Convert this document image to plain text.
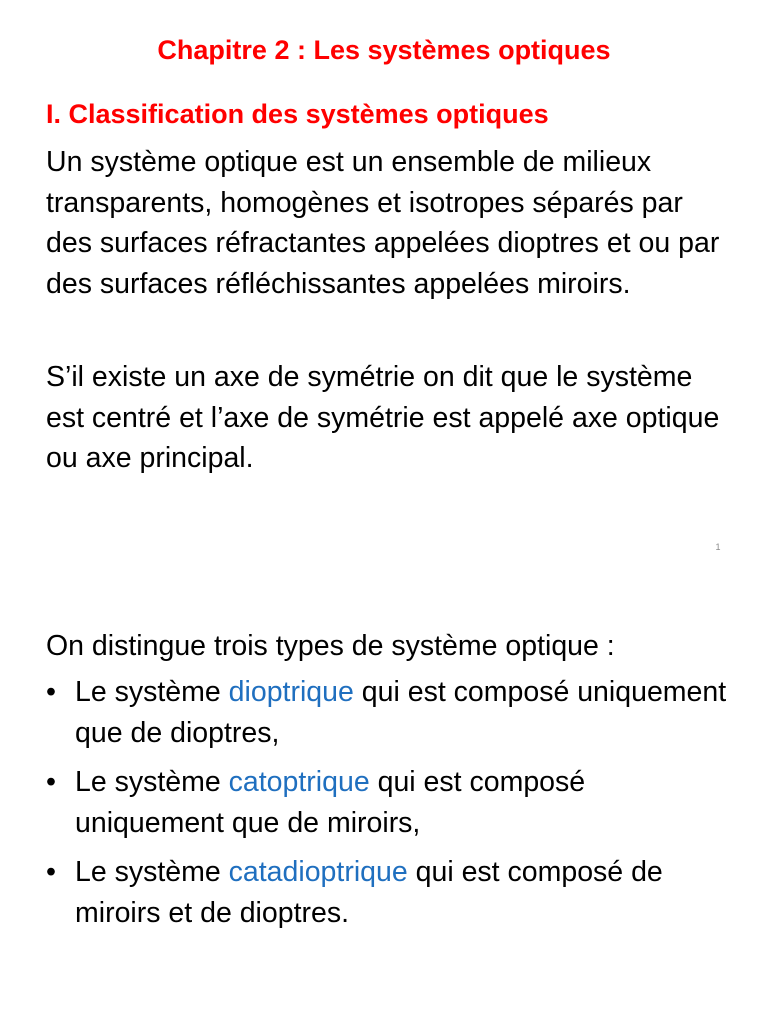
Chapitre 2 : Les systèmes optiques
I. Classification des systèmes optiques

Un système optique est un ensemble de milieux transparents, homogènes et isotropes séparés par des surfaces réfractantes appelées dioptres et ou par des surfaces réfléchissantes appelées miroirs.

S’il existe un axe de symétrie on dit que le système est centré et l’axe de symétrie est appelé axe optique ou axe principal.

1

On distingue trois types de système optique :

• Le système dioptrique qui est composé uniquement que de dioptres,
• Le système catoptrique qui est composé uniquement que de miroirs,
• Le système catadioptrique qui est composé de miroirs et de dioptres.
